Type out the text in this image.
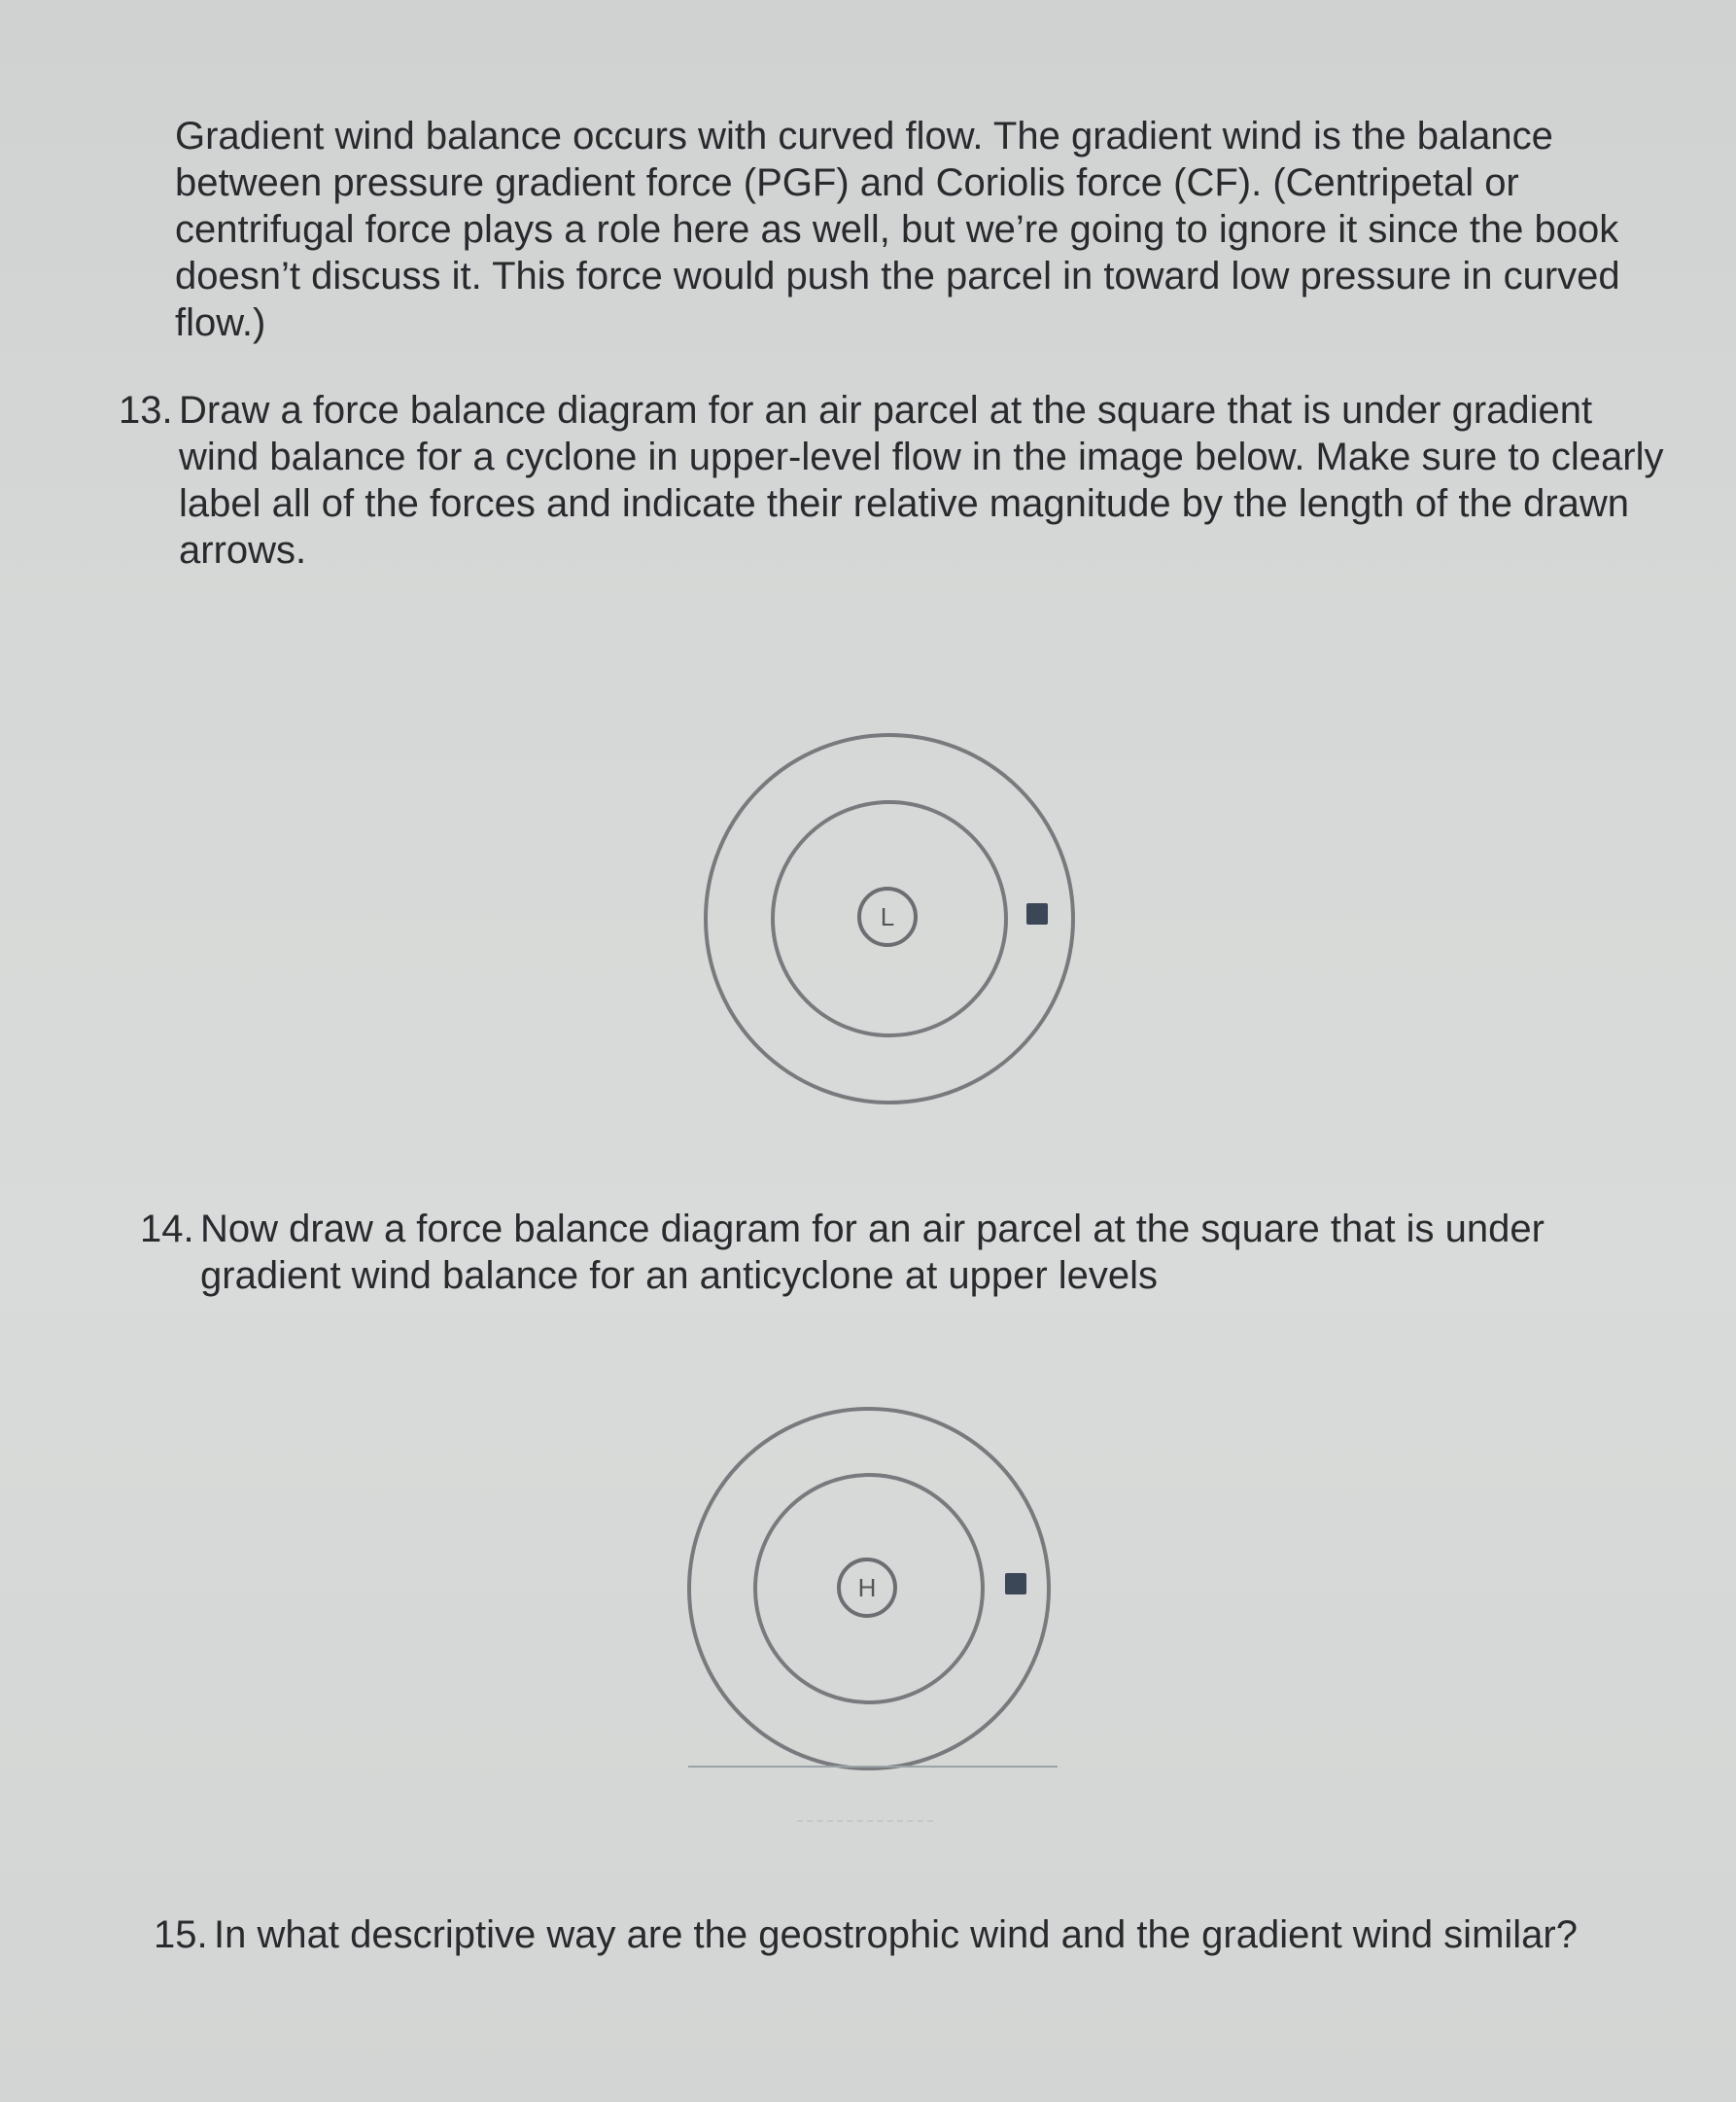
Gradient wind balance occurs with curved flow. The gradient wind is the balance between pressure gradient force (PGF) and Coriolis force (CF). (Centripetal or centrifugal force plays a role here as well, but we’re going to ignore it since the book doesn’t discuss it. This force would push the parcel in toward low pressure in curved flow.)

13. Draw a force balance diagram for an air parcel at the square that is under gradient wind balance for a cyclone in upper-level flow in the image below. Make sure to clearly label all of the forces and indicate their relative magnitude by the length of the drawn arrows.
L
14. Now draw a force balance diagram for an air parcel at the square that is under gradient wind balance for an anticyclone at upper levels
H
15. In what descriptive way are the geostrophic wind and the gradient wind similar?
